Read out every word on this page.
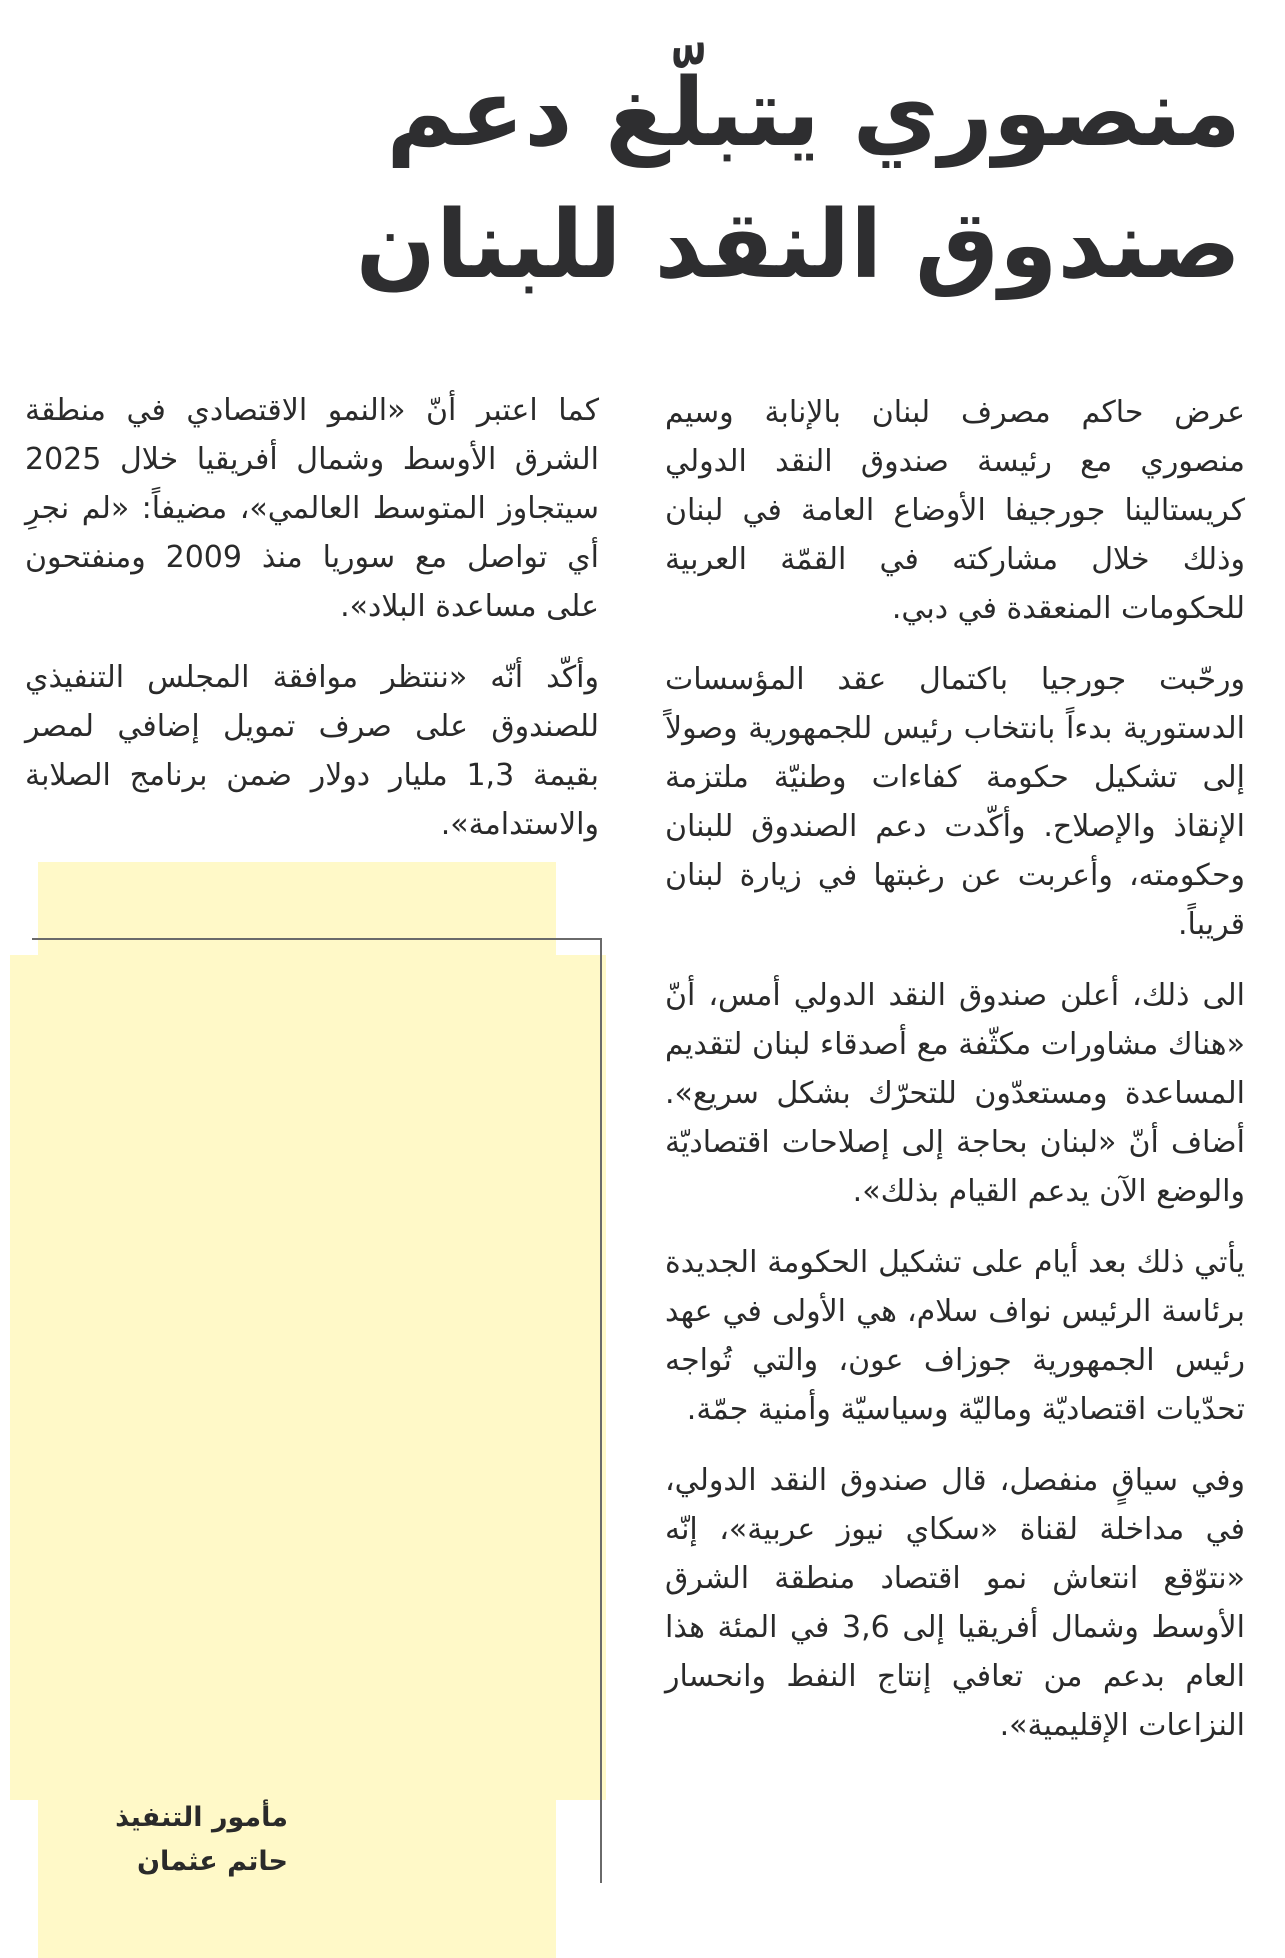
منصوري يتبلّغ دعم
صندوق النقد للبنان

عرض حاكم مصرف لبنان بالإنابة وسيم منصوري مع رئيسة صندوق النقد الدولي كريستالينا جورجيفا الأوضاع العامة في لبنان وذلك خلال مشاركته في القمّة العربية للحكومات المنعقدة في دبي.

ورحّبت جورجيا باكتمال عقد المؤسسات الدستورية بدءاً بانتخاب رئيس للجمهورية وصولاً إلى تشكيل حكومة كفاءات وطنيّة ملتزمة الإنقاذ والإصلاح. وأكّدت دعم الصندوق للبنان وحكومته، وأعربت عن رغبتها في زيارة لبنان قريباً.

الى ذلك، أعلن صندوق النقد الدولي أمس، أنّ «هناك مشاورات مكثّفة مع أصدقاء لبنان لتقديم المساعدة ومستعدّون للتحرّك بشكل سريع». أضاف أنّ «لبنان بحاجة إلى إصلاحات اقتصاديّة والوضع الآن يدعم القيام بذلك».

يأتي ذلك بعد أيام على تشكيل الحكومة الجديدة برئاسة الرئيس نواف سلام، هي الأولى في عهد رئيس الجمهورية جوزاف عون، والتي تُواجه تحدّيات اقتصاديّة وماليّة وسياسيّة وأمنية جمّة.

وفي سياقٍ منفصل، قال صندوق النقد الدولي، في مداخلة لقناة «سكاي نيوز عربية»، إنّه «نتوّقع انتعاش نمو اقتصاد منطقة الشرق الأوسط وشمال أفريقيا إلى 3,6 في المئة هذا العام بدعم من تعافي إنتاج النفط وانحسار النزاعات الإقليمية».

كما اعتبر أنّ «النمو الاقتصادي في منطقة الشرق الأوسط وشمال أفريقيا خلال 2025 سيتجاوز المتوسط العالمي»، مضيفاً: «لم نجرِ أي تواصل مع سوريا منذ 2009 ومنفتحون على مساعدة البلاد».

وأكّد أنّه «ننتظر موافقة المجلس التنفيذي للصندوق على صرف تمويل إضافي لمصر بقيمة 1,3 مليار دولار ضمن برنامج الصلابة والاستدامة».

مأمور التنفيذ
حاتم عثمان
